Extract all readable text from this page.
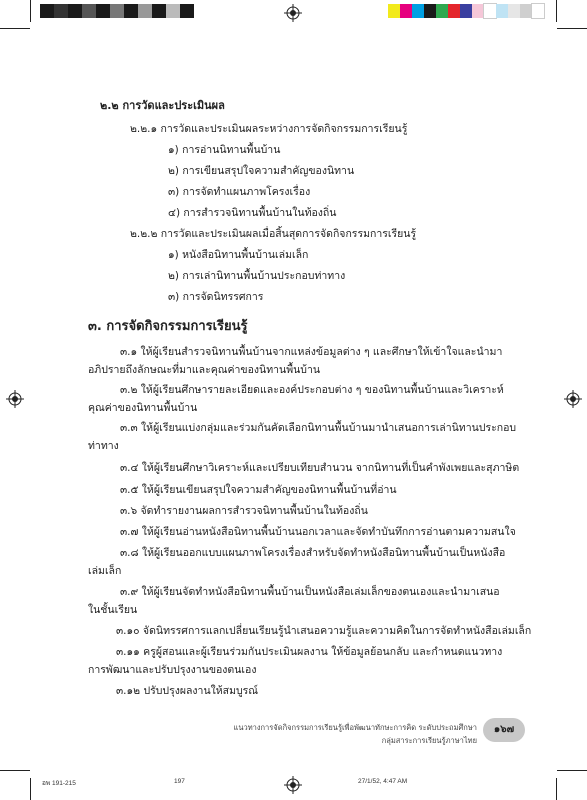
๒.๒ การวัดและประเมินผล
๒.๒.๑ การวัดและประเมินผลระหว่างการจัดกิจกรรมการเรียนรู้
๑) การอ่านนิทานพื้นบ้าน
๒) การเขียนสรุปใจความสำคัญของนิทาน
๓) การจัดทำแผนภาพโครงเรื่อง
๔) การสำรวจนิทานพื้นบ้านในท้องถิ่น
๒.๒.๒ การวัดและประเมินผลเมื่อสิ้นสุดการจัดกิจกรรมการเรียนรู้
๑) หนังสือนิทานพื้นบ้านเล่มเล็ก
๒) การเล่านิทานพื้นบ้านประกอบท่าทาง
๓) การจัดนิทรรศการ
๓. การจัดกิจกรรมการเรียนรู้
๓.๑ ให้ผู้เรียนสำรวจนิทานพื้นบ้านจากแหล่งข้อมูลต่าง ๆ และศึกษาให้เข้าใจและนำมา
อภิปรายถึงลักษณะที่มาและคุณค่าของนิทานพื้นบ้าน
๓.๒ ให้ผู้เรียนศึกษารายละเอียดและองค์ประกอบต่าง ๆ ของนิทานพื้นบ้านและวิเคราะห์
คุณค่าของนิทานพื้นบ้าน
๓.๓ ให้ผู้เรียนแบ่งกลุ่มและร่วมกันคัดเลือกนิทานพื้นบ้านมานำเสนอการเล่านิทานประกอบ
ท่าทาง
๓.๔ ให้ผู้เรียนศึกษาวิเคราะห์และเปรียบเทียบสำนวน จากนิทานที่เป็นคำพังเพยและสุภาษิต
๓.๕ ให้ผู้เรียนเขียนสรุปใจความสำคัญของนิทานพื้นบ้านที่อ่าน
๓.๖ จัดทำรายงานผลการสำรวจนิทานพื้นบ้านในท้องถิ่น
๓.๗ ให้ผู้เรียนอ่านหนังสือนิทานพื้นบ้านนอกเวลาและจัดทำบันทึกการอ่านตามความสนใจ
๓.๘ ให้ผู้เรียนออกแบบแผนภาพโครงเรื่องสำหรับจัดทำหนังสือนิทานพื้นบ้านเป็นหนังสือ
เล่มเล็ก
๓.๙ ให้ผู้เรียนจัดทำหนังสือนิทานพื้นบ้านเป็นหนังสือเล่มเล็กของตนเองและนำมาเสนอ
ในชั้นเรียน
๓.๑๐ จัดนิทรรศการแลกเปลี่ยนเรียนรู้นำเสนอความรู้และความคิดในการจัดทำหนังสือเล่มเล็ก
๓.๑๑ ครูผู้สอนและผู้เรียนร่วมกันประเมินผลงาน ให้ข้อมูลย้อนกลับ และกำหนดแนวทาง
การพัฒนาและปรับปรุงงานของตนเอง
๓.๑๒ ปรับปรุงผลงานให้สมบูรณ์
แนวทางการจัดกิจกรรมการเรียนรู้เพื่อพัฒนาทักษะการคิด ระดับประถมศึกษา
กลุ่มสาระการเรียนรู้ภาษาไทย
๑๖๗
อพ 191-215	197	27/1/52, 4:47 AM
